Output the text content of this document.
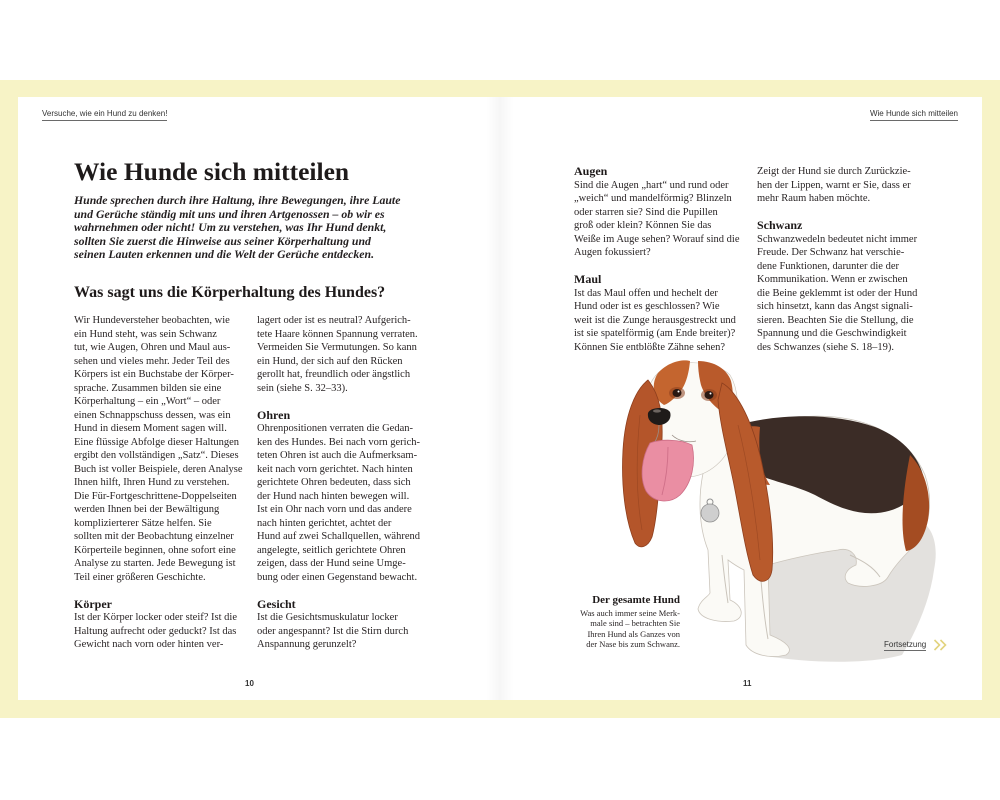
Versuche, wie ein Hund zu denken!	Wie Hunde sich mitteilen
Wie Hunde sich mitteilen
Hunde sprechen durch ihre Haltung, ihre Bewegungen, ihre Laute
und Gerüche ständig mit uns und ihren Artgenossen – ob wir es
wahrnehmen oder nicht! Um zu verstehen, was Ihr Hund denkt,
sollten Sie zuerst die Hinweise aus seiner Körperhaltung und
seinen Lauten erkennen und die Welt der Gerüche entdecken.
Was sagt uns die Körperhaltung des Hundes?
Wir Hundeversteher beobachten, wie
ein Hund steht, was sein Schwanz
tut, wie Augen, Ohren und Maul aus-
sehen und vieles mehr. Jeder Teil des
Körpers ist ein Buchstabe der Körper-
sprache. Zusammen bilden sie eine
Körperhaltung – ein „Wort“ – oder
einen Schnappschuss dessen, was ein
Hund in diesem Moment sagen will.
Eine flüssige Abfolge dieser Haltungen
ergibt den vollständigen „Satz“. Dieses
Buch ist voller Beispiele, deren Analyse
Ihnen hilft, Ihren Hund zu verstehen.
Die Für-Fortgeschrittene-Doppelseiten
werden Ihnen bei der Bewältigung
komplizierterer Sätze helfen. Sie
sollten mit der Beobachtung einzelner
Körperteile beginnen, ohne sofort eine
Analyse zu starten. Jede Bewegung ist
Teil einer größeren Geschichte.
Körper
Ist der Körper locker oder steif? Ist die
Haltung aufrecht oder geduckt? Ist das
Gewicht nach vorn oder hinten ver-
lagert oder ist es neutral? Aufgerich-
tete Haare können Spannung verraten.
Vermeiden Sie Vermutungen. So kann
ein Hund, der sich auf den Rücken
gerollt hat, freundlich oder ängstlich
sein (siehe S. 32–33).
Ohren
Ohrenpositionen verraten die Gedan-
ken des Hundes. Bei nach vorn gerich-
teten Ohren ist auch die Aufmerksam-
keit nach vorn gerichtet. Nach hinten
gerichtete Ohren bedeuten, dass sich
der Hund nach hinten bewegen will.
Ist ein Ohr nach vorn und das andere
nach hinten gerichtet, achtet der
Hund auf zwei Schallquellen, während
angelegte, seitlich gerichtete Ohren
zeigen, dass der Hund seine Umge-
bung oder einen Gegenstand bewacht.
Gesicht
Ist die Gesichtsmuskulatur locker
oder angespannt? Ist die Stirn durch
Anspannung gerunzelt?
Augen
Sind die Augen „hart“ und rund oder
„weich“ und mandelförmig? Blinzeln
oder starren sie? Sind die Pupillen
groß oder klein? Können Sie das
Weiße im Auge sehen? Worauf sind die
Augen fokussiert?
Maul
Ist das Maul offen und hechelt der
Hund oder ist es geschlossen? Wie
weit ist die Zunge herausgestreckt und
ist sie spatelförmig (am Ende breiter)?
Können Sie entblößte Zähne sehen?
Zeigt der Hund sie durch Zurückzie-
hen der Lippen, warnt er Sie, dass er
mehr Raum haben möchte.
Schwanz
Schwanzwedeln bedeutet nicht immer
Freude. Der Schwanz hat verschie-
dene Funktionen, darunter die der
Kommunikation. Wenn er zwischen
die Beine geklemmt ist oder der Hund
sich hinsetzt, kann das Angst signali-
sieren. Beachten Sie die Stellung, die
Spannung und die Geschwindigkeit
des Schwanzes (siehe S. 18–19).
Der gesamte Hund
Was auch immer seine Merk-
male sind – betrachten Sie
Ihren Hund als Ganzes von
der Nase bis zum Schwanz.	Fortsetzung
10	11
